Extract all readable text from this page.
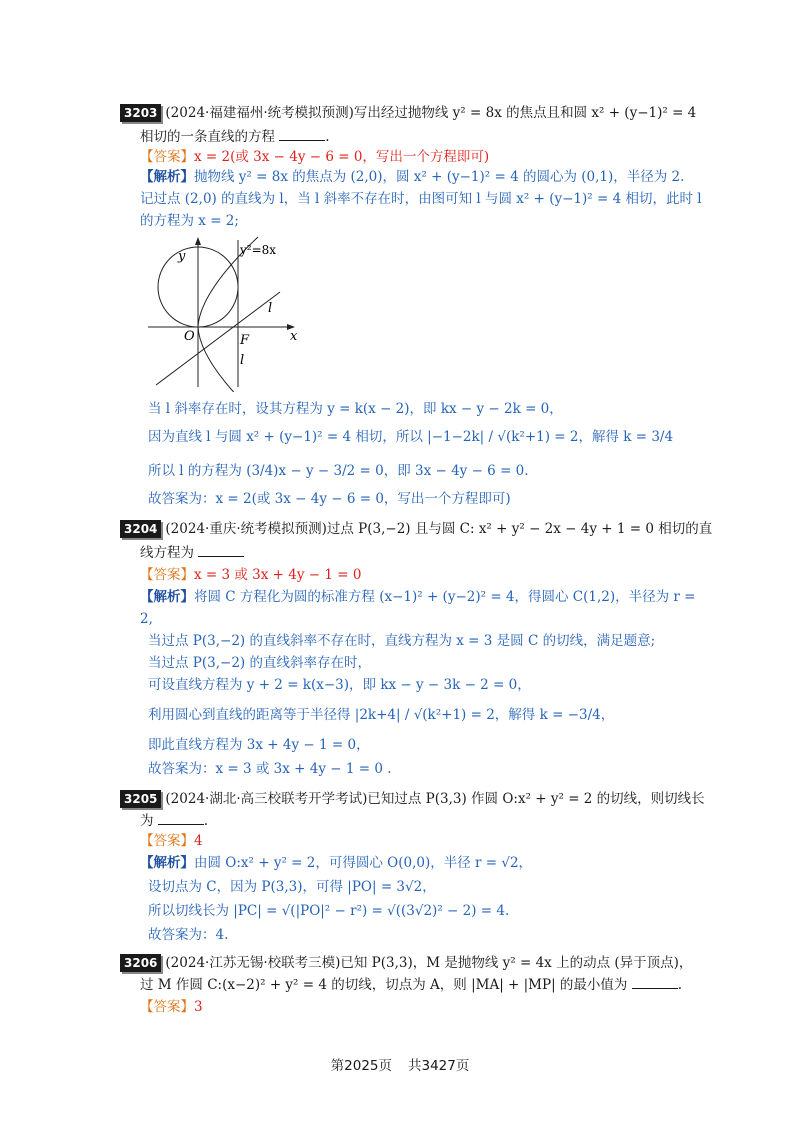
3203 (2024·福建福州·统考模拟预测)写出经过抛物线 y² = 8x 的焦点且和圆 x² + (y−1)² = 4
相切的一条直线的方程	.
【答案】x = 2(或 3x − 4y − 6 = 0，写出一个方程即可)
【解析】抛物线 y² = 8x 的焦点为 (2,0)，圆 x² + (y−1)² = 4 的圆心为 (0,1)，半径为 2.
记过点 (2,0) 的直线为 l，当 l 斜率不存在时，由图可知 l 与圆 x² + (y−1)² = 4 相切，此时 l
的方程为 x = 2;
y
x
O	F
l
l
y²=8x
当 l 斜率存在时，设其方程为 y = k(x − 2)，即 kx − y − 2k = 0，
因为直线 l 与圆 x² + (y−1)² = 4 相切，所以 |−1−2k| / √(k²+1) = 2，解得 k = 3/4
所以 l 的方程为 (3/4)x − y − 3/2 = 0，即 3x − 4y − 6 = 0.
故答案为：x = 2(或 3x − 4y − 6 = 0，写出一个方程即可)
3204 (2024·重庆·统考模拟预测)过点 P(3,−2) 且与圆 C: x² + y² − 2x − 4y + 1 = 0 相切的直
线方程为
【答案】x = 3 或 3x + 4y − 1 = 0
【解析】将圆 C 方程化为圆的标准方程 (x−1)² + (y−2)² = 4，得圆心 C(1,2)，半径为 r =
2,
当过点 P(3,−2) 的直线斜率不存在时，直线方程为 x = 3 是圆 C 的切线，满足题意;
当过点 P(3,−2) 的直线斜率存在时，
可设直线方程为 y + 2 = k(x−3)，即 kx − y − 3k − 2 = 0，
利用圆心到直线的距离等于半径得 |2k+4| / √(k²+1) = 2，解得 k = −3/4，
即此直线方程为 3x + 4y − 1 = 0，
故答案为：x = 3 或 3x + 4y − 1 = 0 .
3205 (2024·湖北·高三校联考开学考试)已知过点 P(3,3) 作圆 O:x² + y² = 2 的切线，则切线长
为	.
【答案】4
【解析】由圆 O:x² + y² = 2，可得圆心 O(0,0)，半径 r = √2，
设切点为 C，因为 P(3,3)，可得 |PO| = 3√2，
所以切线长为 |PC| = √(|PO|² − r²) = √((3√2)² − 2) = 4.
故答案为：4.
3206 (2024·江苏无锡·校联考三模)已知 P(3,3)，M 是抛物线 y² = 4x 上的动点 (异于顶点)，
过 M 作圆 C:(x−2)² + y² = 4 的切线，切点为 A，则 |MA| + |MP| 的最小值为	.
【答案】3
第2025页 共3427页
